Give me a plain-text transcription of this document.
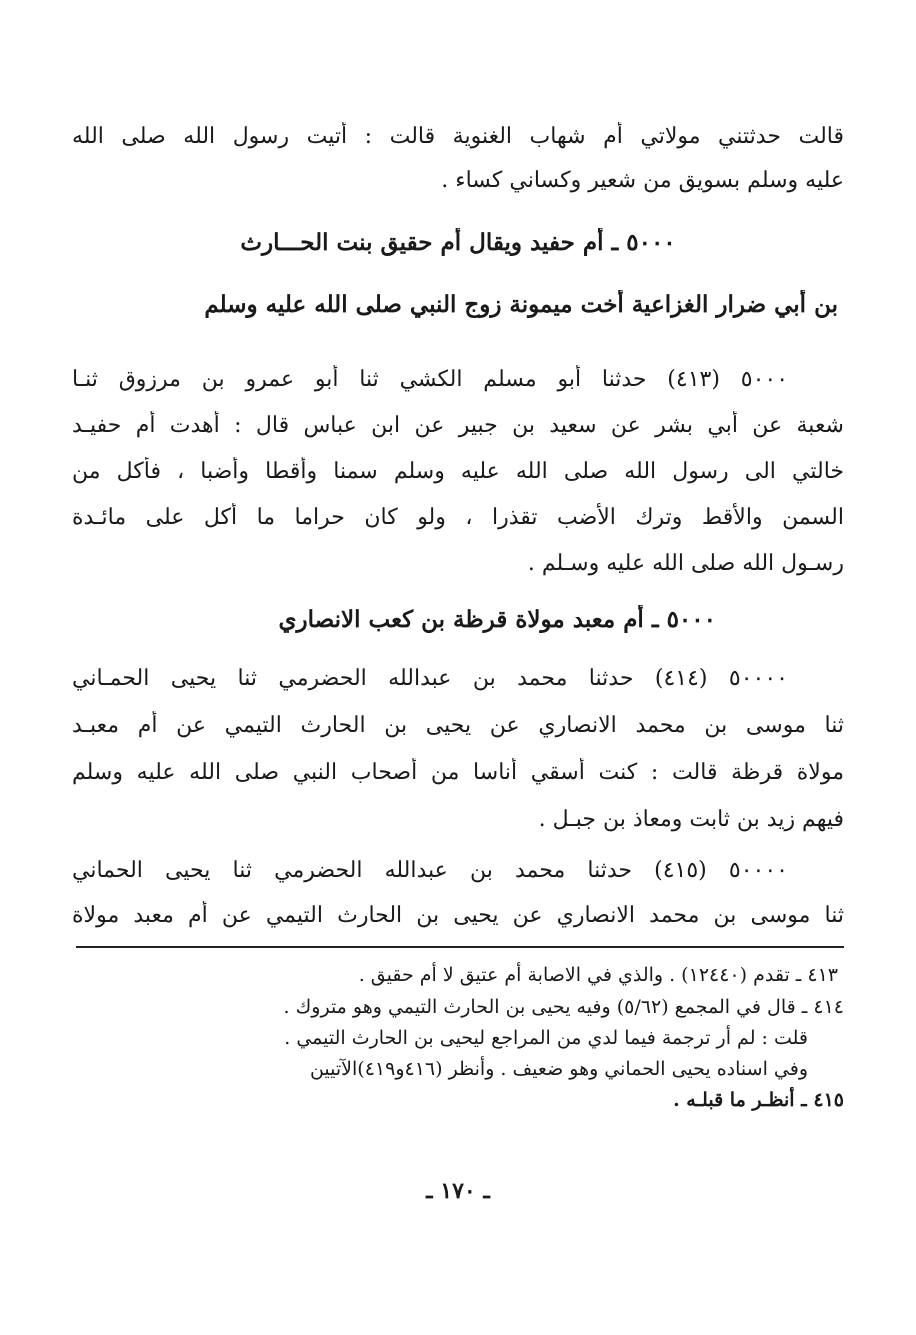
قالت حدثتني مولاتي أم شهاب الغنوية قالت : أتيت رسول الله صلى الله
عليه وسلم بسويق من شعير وكساني كساء .
٥٠٠٠ ـ أم حفيد ويقال أم حقيق بنت الحـــارث
بن أبي ضرار الغزاعية أخت ميمونة زوج النبي صلى الله عليه وسلم
٥٠٠٠ (٤١٣) حدثنا أبو مسلم الكشي ثنا أبو عمرو بن مرزوق ثنـا
شعبة عن أبي بشر عن سعيد بن جبير عن ابن عباس قال : أهدت أم حفيـد
خالتي الى رسول الله صلى الله عليه وسلم سمنا وأقطا وأضبا ، فأكل من
السمن والأقط وترك الأضب تقذرا ، ولو كان حراما ما أكل على مائـدة
رسـول الله صلى الله عليه وسـلم .
٥٠٠٠ ـ أم معبد مولاة قرظة بن كعب الانصاري
٥٠٠٠٠ (٤١٤) حدثنا محمد بن عبدالله الحضرمي ثنا يحيى الحمـاني
ثنا موسى بن محمد الانصاري عن يحيى بن الحارث التيمي عن أم معبـد
مولاة قرظة قالت : كنت أسقي أناسا من أصحاب النبي صلى الله عليه وسلم
فيهم زيد بن ثابت ومعاذ بن جبـل .
٥٠٠٠٠ (٤١٥) حدثنا محمد بن عبدالله الحضرمي ثنا يحيى الحماني
ثنا موسى بن محمد الانصاري عن يحيى بن الحارث التيمي عن أم معبد مولاة
٤١٣ ـ تقدم (١٢٤٤٠) . والذي في الاصابة أم عتيق لا أم حقيق .
٤١٤ ـ قال في المجمع (٥/٦٢) وفيه يحيى بن الحارث التيمي وهو متروك .
قلت : لم أر ترجمة فيما لدي من المراجع ليحيى بن الحارث التيمي .
وفي اسناده يحيى الحماني وهو ضعيف . وأنظر (٤١٦و٤١٩)الآتيين
٤١٥ ـ أنظـر ما قبلـه .
ـ ١٧٠ ـ
